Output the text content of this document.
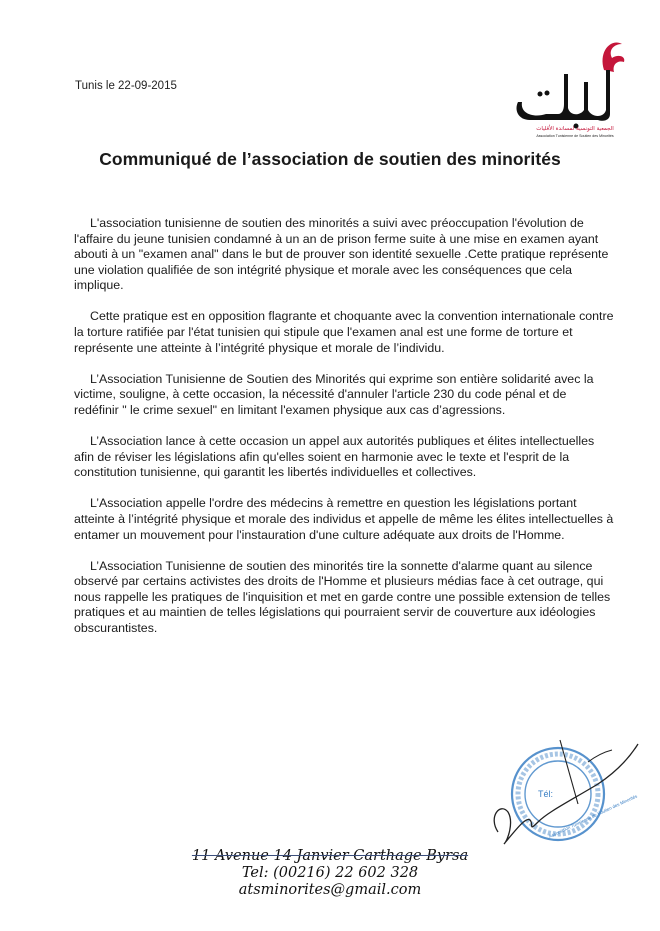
Tunis le 22-09-2015
الجمعية التونسية لمساندة الأقليات
Association Tunisienne de Soutien des Minorités
Communiqué de l’association de soutien des minorités

L'association tunisienne de soutien des minorités a suivi avec préoccupation l'évolution de l'affaire du jeune tunisien condamné à un an de prison ferme suite à une mise en examen ayant abouti à un "examen anal" dans le but de prouver son identité sexuelle .Cette pratique représente une violation qualifiée de son intégrité physique et morale avec les conséquences que cela implique.

Cette pratique est en opposition flagrante et choquante avec la convention internationale contre la torture ratifiée par l'état tunisien qui stipule que l'examen anal est une forme de torture et représente une atteinte à l’intégrité physique et morale de l’individu.

L’Association Tunisienne de Soutien des Minorités qui exprime son entière solidarité avec la victime, souligne, à cette occasion, la nécessité d'annuler l'article 230 du code pénal et de redéfinir " le crime sexuel" en limitant l'examen physique aux cas d’agressions.

L’Association lance à cette occasion un appel aux autorités publiques et élites intellectuelles afin de réviser les législations afin qu'elles soient en harmonie avec le texte et l'esprit de la constitution tunisienne, qui garantit les libertés individuelles et collectives.

L’Association appelle l'ordre des médecins à remettre en question les législations portant atteinte à l’intégrité physique et morale des individus et appelle de même les élites intellectuelles à entamer un mouvement pour l'instauration d'une culture adéquate aux droits de l'Homme.

L’Association Tunisienne de soutien des minorités tire la sonnette d'alarme quant au silence observé par certains activistes des droits de l'Homme et plusieurs médias face à cet outrage, qui nous rappelle les pratiques de l'inquisition et met en garde contre une possible extension de telles pratiques et au maintien de telles législations qui pourraient servir de couverture aux idéologies obscurantistes.

Tél:
Association Tunisienne de Soutien des Minorités
11 Avenue 14 Janvier Carthage Byrsa
Tel: (00216) 22 602 328
atsminorites@gmail.com
